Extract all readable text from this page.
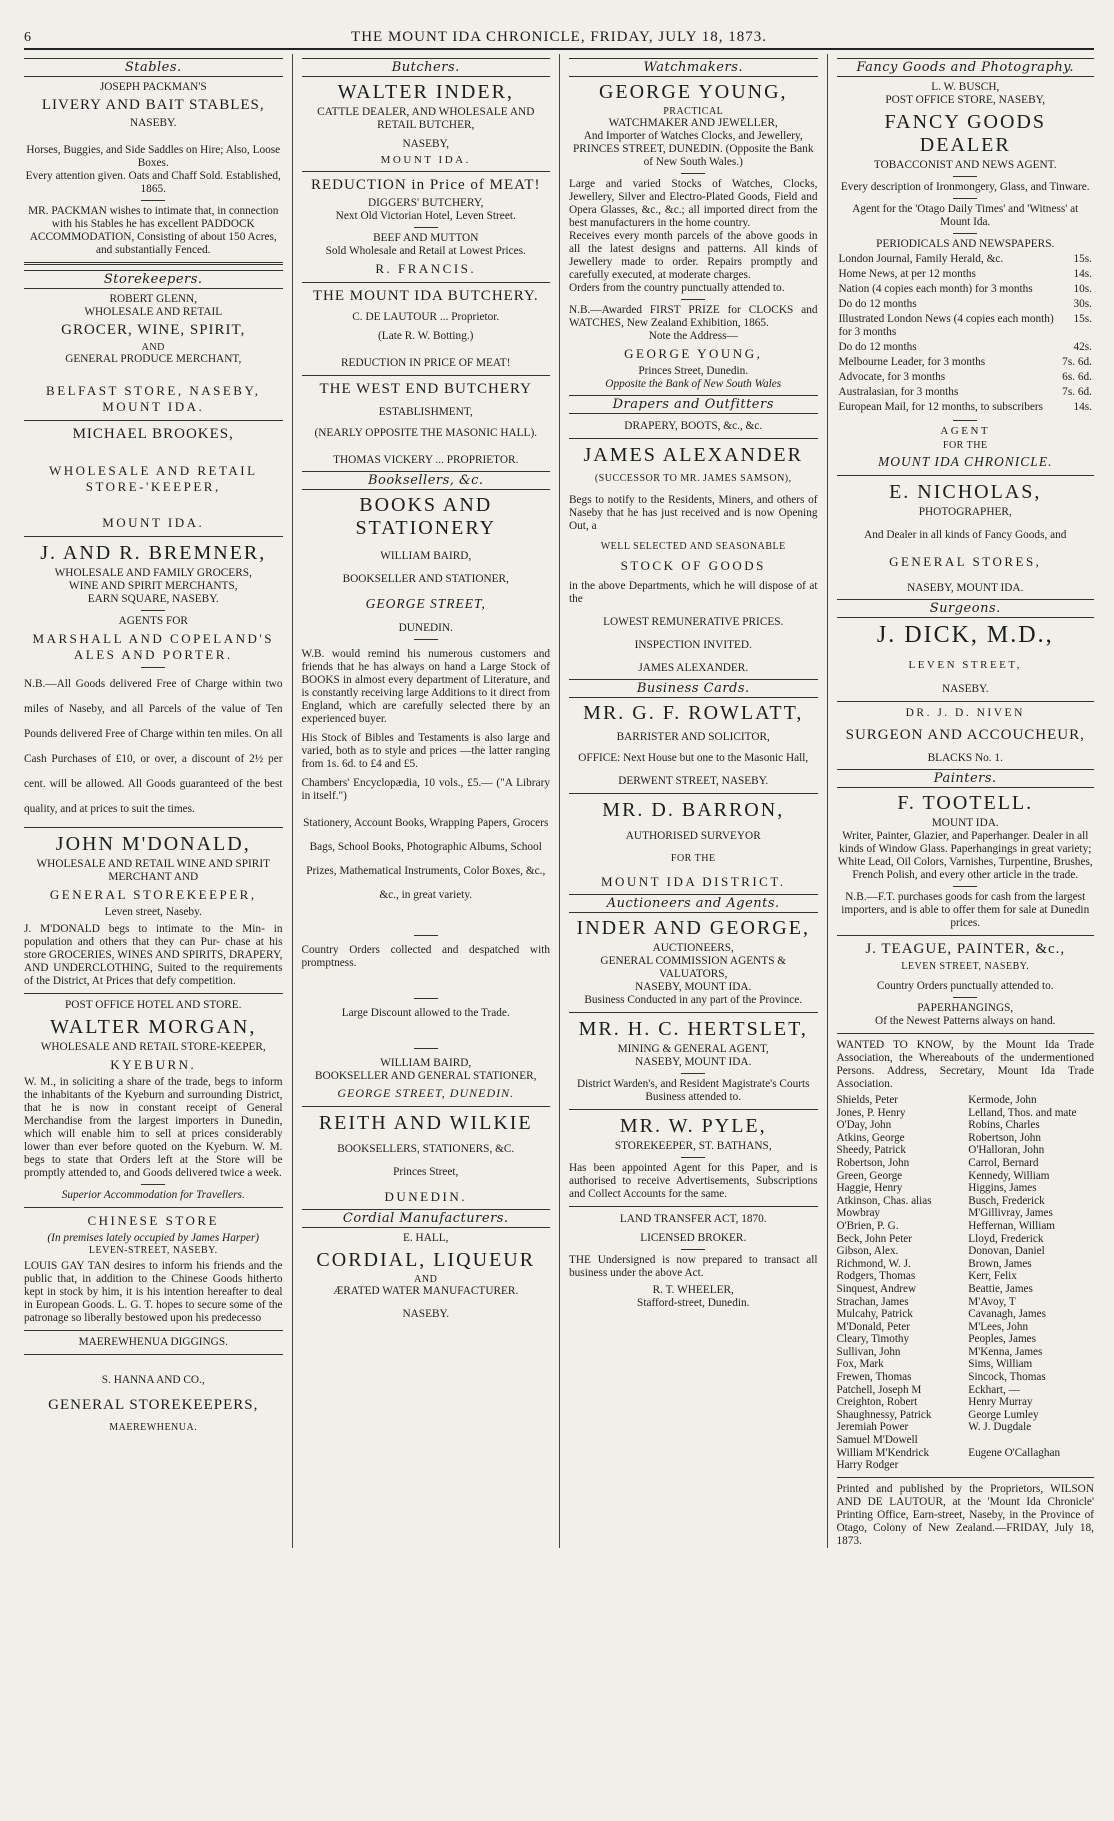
6	THE MOUNT IDA CHRONICLE, FRIDAY, JULY 18, 1873.
Stables.
JOSEPH PACKMAN'S
LIVERY AND BAIT STABLES,
NASEBY.
Horses, Buggies, and Side Saddles on Hire; Also, Loose Boxes.
Every attention given. Oats and Chaff Sold. Established, 1865.
MR. PACKMAN wishes to intimate that, in connection with his Stables he has excellent PADDOCK ACCOMMODATION, Consisting of about 150 Acres, and substantially Fenced.
Storekeepers.
ROBERT GLENN,
WHOLESALE AND RETAIL
GROCER, WINE, SPIRIT,
AND
GENERAL PRODUCE MERCHANT,
BELFAST STORE, NASEBY, MOUNT IDA.
MICHAEL BROOKES,
WHOLESALE AND RETAIL STORE-'KEEPER,
MOUNT IDA.
J. AND R. BREMNER,
WHOLESALE AND FAMILY GROCERS,
WINE AND SPIRIT MERCHANTS,
EARN SQUARE, NASEBY.
AGENTS FOR
MARSHALL AND COPELAND'S ALES AND PORTER.
N.B.—All Goods delivered Free of Charge within two miles of Naseby, and all Parcels of the value of Ten Pounds delivered Free of Charge within ten miles. On all Cash Purchases of £10, or over, a discount of 2½ per cent. will be allowed. All Goods guaranteed of the best quality, and at prices to suit the times.
JOHN M'DONALD,
WHOLESALE AND RETAIL WINE AND SPIRIT MERCHANT AND
GENERAL STOREKEEPER,
Leven street, Naseby.
J. M'DONALD begs to intimate to the Min- in population and others that they can Pur- chase at his store GROCERIES, WINES AND SPIRITS, DRAPERY, AND UNDERCLOTHING, Suited to the requirements of the District, At Prices that defy competition.
POST OFFICE HOTEL AND STORE.
WALTER MORGAN,
WHOLESALE AND RETAIL STORE-KEEPER,
KYEBURN.
W. M., in soliciting a share of the trade, begs to inform the inhabitants of the Kyeburn and surrounding District, that he is now in constant receipt of General Merchandise from the largest importers in Dunedin, which will enable him to sell at prices considerably lower than ever before quoted on the Kyeburn. W. M. begs to state that Orders left at the Store will be promptly attended to, and Goods delivered twice a week.
Superior Accommodation for Travellers.
CHINESE STORE
(In premises lately occupied by James Harper)
LEVEN-STREET, NASEBY.
LOUIS GAY TAN desires to inform his friends and the public that, in addition to the Chinese Goods hitherto kept in stock by him, it is his intention hereafter to deal in European Goods. L. G. T. hopes to secure some of the patronage so liberally bestowed upon his predecesso
MAEREWHENUA DIGGINGS.
S. HANNA AND CO.,
GENERAL STOREKEEPERS,
MAEREWHENUA.
Butchers.
WALTER INDER,
CATTLE DEALER, AND WHOLESALE AND RETAIL BUTCHER,
NASEBY,
MOUNT IDA.
REDUCTION in Price of MEAT!
DIGGERS' BUTCHERY,
Next Old Victorian Hotel, Leven Street.
BEEF AND MUTTON
Sold Wholesale and Retail at Lowest Prices.
R. FRANCIS.
THE MOUNT IDA BUTCHERY.
C. DE LAUTOUR ... Proprietor.
(Late R. W. Botting.)
REDUCTION IN PRICE OF MEAT!
THE WEST END BUTCHERY
ESTABLISHMENT,
(NEARLY OPPOSITE THE MASONIC HALL).
THOMAS VICKERY ... PROPRIETOR.
Booksellers, &c.
BOOKS AND STATIONERY
WILLIAM BAIRD,
BOOKSELLER AND STATIONER,
GEORGE STREET,
DUNEDIN.
W.B. would remind his numerous customers and friends that he has always on hand a Large Stock of BOOKS in almost every department of Literature, and is constantly receiving large Additions to it direct from England, which are carefully selected there by an experienced buyer.
His Stock of Bibles and Testaments is also large and varied, both as to style and prices —the latter ranging from 1s. 6d. to £4 and £5.
Chambers' Encyclopædia, 10 vols., £5.— ("A Library in itself.")
Stationery, Account Books, Wrapping Papers, Grocers Bags, School Books, Photographic Albums, School Prizes, Mathematical Instruments, Color Boxes, &c., &c., in great variety.
Country Orders collected and despatched with promptness.
Large Discount allowed to the Trade.
WILLIAM BAIRD,
BOOKSELLER AND GENERAL STATIONER,
GEORGE STREET, DUNEDIN.
REITH AND WILKIE
BOOKSELLERS, STATIONERS, &C.
Princes Street,
DUNEDIN.
Cordial Manufacturers.
E. HALL,
CORDIAL, LIQUEUR
AND
ÆRATED WATER MANUFACTURER.
NASEBY.
Watchmakers.
GEORGE YOUNG,
PRACTICAL
WATCHMAKER AND JEWELLER,
And Importer of Watches Clocks, and Jewellery, PRINCES STREET, DUNEDIN. (Opposite the Bank of New South Wales.)
Large and varied Stocks of Watches, Clocks, Jewellery, Silver and Electro-Plated Goods, Field and Opera Glasses, &c., &c.; all imported direct from the best manufacturers in the home country.
Receives every month parcels of the above goods in all the latest designs and patterns. All kinds of Jewellery made to order. Repairs promptly and carefully executed, at moderate charges.
Orders from the country punctually attended to.
N.B.—Awarded FIRST PRIZE for CLOCKS and WATCHES, New Zealand Exhibition, 1865.
Note the Address—
GEORGE YOUNG,
Princes Street, Dunedin.
Opposite the Bank of New South Wales
Drapers and Outfitters
DRAPERY, BOOTS, &c., &c.
JAMES ALEXANDER
(SUCCESSOR TO MR. JAMES SAMSON),
Begs to notify to the Residents, Miners, and others of Naseby that he has just received and is now Opening Out, a
WELL SELECTED AND SEASONABLE
STOCK OF GOODS
in the above Departments, which he will dispose of at the
LOWEST REMUNERATIVE PRICES.
INSPECTION INVITED.
JAMES ALEXANDER.
Business Cards.
MR. G. F. ROWLATT,
BARRISTER AND SOLICITOR,
OFFICE: Next House but one to the Masonic Hall,
DERWENT STREET, NASEBY.
MR. D. BARRON,
AUTHORISED SURVEYOR
FOR THE
MOUNT IDA DISTRICT.
Auctioneers and Agents.
INDER AND GEORGE,
AUCTIONEERS,
GENERAL COMMISSION AGENTS & VALUATORS,
NASEBY, MOUNT IDA.
Business Conducted in any part of the Province.
MR. H. C. HERTSLET,
MINING & GENERAL AGENT,
NASEBY, MOUNT IDA.
District Warden's, and Resident Magistrate's Courts Business attended to.
MR. W. PYLE,
STOREKEEPER, ST. BATHANS,
Has been appointed Agent for this Paper, and is authorised to receive Advertisements, Subscriptions and Collect Accounts for the same.
LAND TRANSFER ACT, 1870.
LICENSED BROKER.
THE Undersigned is now prepared to transact all business under the above Act.
R. T. WHEELER,
Stafford-street, Dunedin.
Fancy Goods and Photography.
L. W. BUSCH,
POST OFFICE STORE, NASEBY,
FANCY GOODS DEALER
TOBACCONIST AND NEWS AGENT.
Every description of Ironmongery, Glass, and Tinware.
Agent for the 'Otago Daily Times' and 'Witness' at Mount Ida.
PERIODICALS AND NEWSPAPERS.
London Journal, Family Herald, &c.	15s.
Home News, at per 12 months	14s.
Nation (4 copies each month) for 3 months	10s.
Do do 12 months	30s.
Illustrated London News (4 copies each month) for 3 months	15s.
Do do 12 months	42s.
Melbourne Leader, for 3 months	7s. 6d.
Advocate, for 3 months	6s. 6d.
Australasian, for 3 months	7s. 6d.
European Mail, for 12 months, to subscribers	14s.
AGENT
FOR THE
MOUNT IDA CHRONICLE.
E. NICHOLAS,
PHOTOGRAPHER,
And Dealer in all kinds of Fancy Goods, and
GENERAL STORES,
NASEBY, MOUNT IDA.
Surgeons.
J. DICK, M.D.,
LEVEN STREET,
NASEBY.
DR. J. D. NIVEN
SURGEON AND ACCOUCHEUR,
BLACKS No. 1.
Painters.
F. TOOTELL.
MOUNT IDA.
Writer, Painter, Glazier, and Paperhanger. Dealer in all kinds of Window Glass. Paperhangings in great variety; White Lead, Oil Colors, Varnishes, Turpentine, Brushes, French Polish, and every other article in the trade.
N.B.—F.T. purchases goods for cash from the largest importers, and is able to offer them for sale at Dunedin prices.
J. TEAGUE, PAINTER, &c.,
LEVEN STREET, NASEBY.
Country Orders punctually attended to.
PAPERHANGINGS,
Of the Newest Patterns always on hand.
WANTED TO KNOW, by the Mount Ida Trade Association, the Whereabouts of the undermentioned Persons. Address, Secretary, Mount Ida Trade Association.
Shields, Peter
Jones, P. Henry
O'Day, John
Atkins, George
Sheedy, Patrick
Robertson, John
Green, George
Haggie, Henry
Atkinson, Chas. alias Mowbray
O'Brien, P. G.
Beck, John Peter
Gibson, Alex.
Richmond, W. J.
Rodgers, Thomas
Sinquest, Andrew
Strachan, James
Mulcahy, Patrick
M'Donald, Peter
Cleary, Timothy
Sullivan, John
Fox, Mark
Frewen, Thomas
Patchell, Joseph M
Creighton, Robert
Shaughnessy, Patrick
Jeremiah Power
Samuel M'Dowell
William M'Kendrick
Harry Rodger
Kermode, John
Lelland, Thos. and mate
Robins, Charles
Robertson, John
O'Halloran, John
Carrol, Bernard
Kennedy, William
Higgins, James
Busch, Frederick
M'Gillivray, James
Heffernan, William
Lloyd, Frederick
Donovan, Daniel
Brown, James
Kerr, Felix
Beattie, James
M'Avoy, T
Cavanagh, James
M'Lees, John
Peoples, James
M'Kenna, James
Sims, William
Sincock, Thomas
Eckhart, —
Henry Murray
George Lumley
W. J. Dugdale

Eugene O'Callaghan
Printed and published by the Proprietors, WILSON AND DE LAUTOUR, at the 'Mount Ida Chronicle' Printing Office, Earn-street, Naseby, in the Province of Otago, Colony of New Zealand.—FRIDAY, July 18, 1873.
